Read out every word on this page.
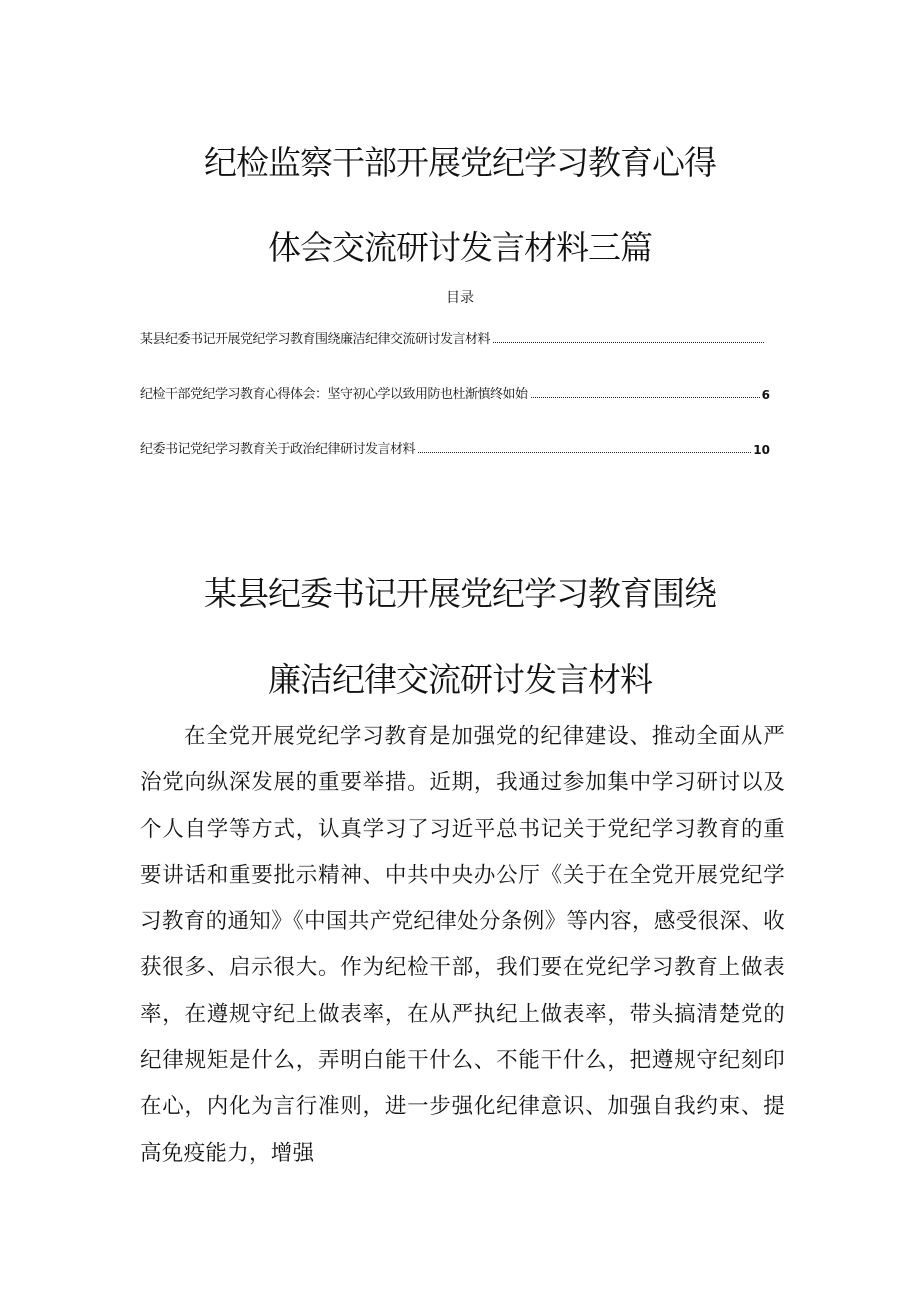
纪检监察干部开展党纪学习教育心得
体会交流研讨发言材料三篇
目录
某县纪委书记开展党纪学习教育围绕廉洁纪律交流研讨发言材料
纪检干部党纪学习教育心得体会：坚守初心学以致用防也杜渐慎终如始	6
纪委书记党纪学习教育关于政治纪律研讨发言材料	10
某县纪委书记开展党纪学习教育围绕
廉洁纪律交流研讨发言材料

在全党开展党纪学习教育是加强党的纪律建设、推动全面从严治党向纵深发展的重要举措。近期，我通过参加集中学习研讨以及个人自学等方式，认真学习了习近平总书记关于党纪学习教育的重要讲话和重要批示精神、中共中央办公厅《关于在全党开展党纪学习教育的通知》《中国共产党纪律处分条例》等内容，感受很深、收获很多、启示很大。作为纪检干部，我们要在党纪学习教育上做表率，在遵规守纪上做表率，在从严执纪上做表率，带头搞清楚党的纪律规矩是什么，弄明白能干什么、不能干什么，把遵规守纪刻印在心，内化为言行准则，进一步强化纪律意识、加强自我约束、提高免疫能力，增强
